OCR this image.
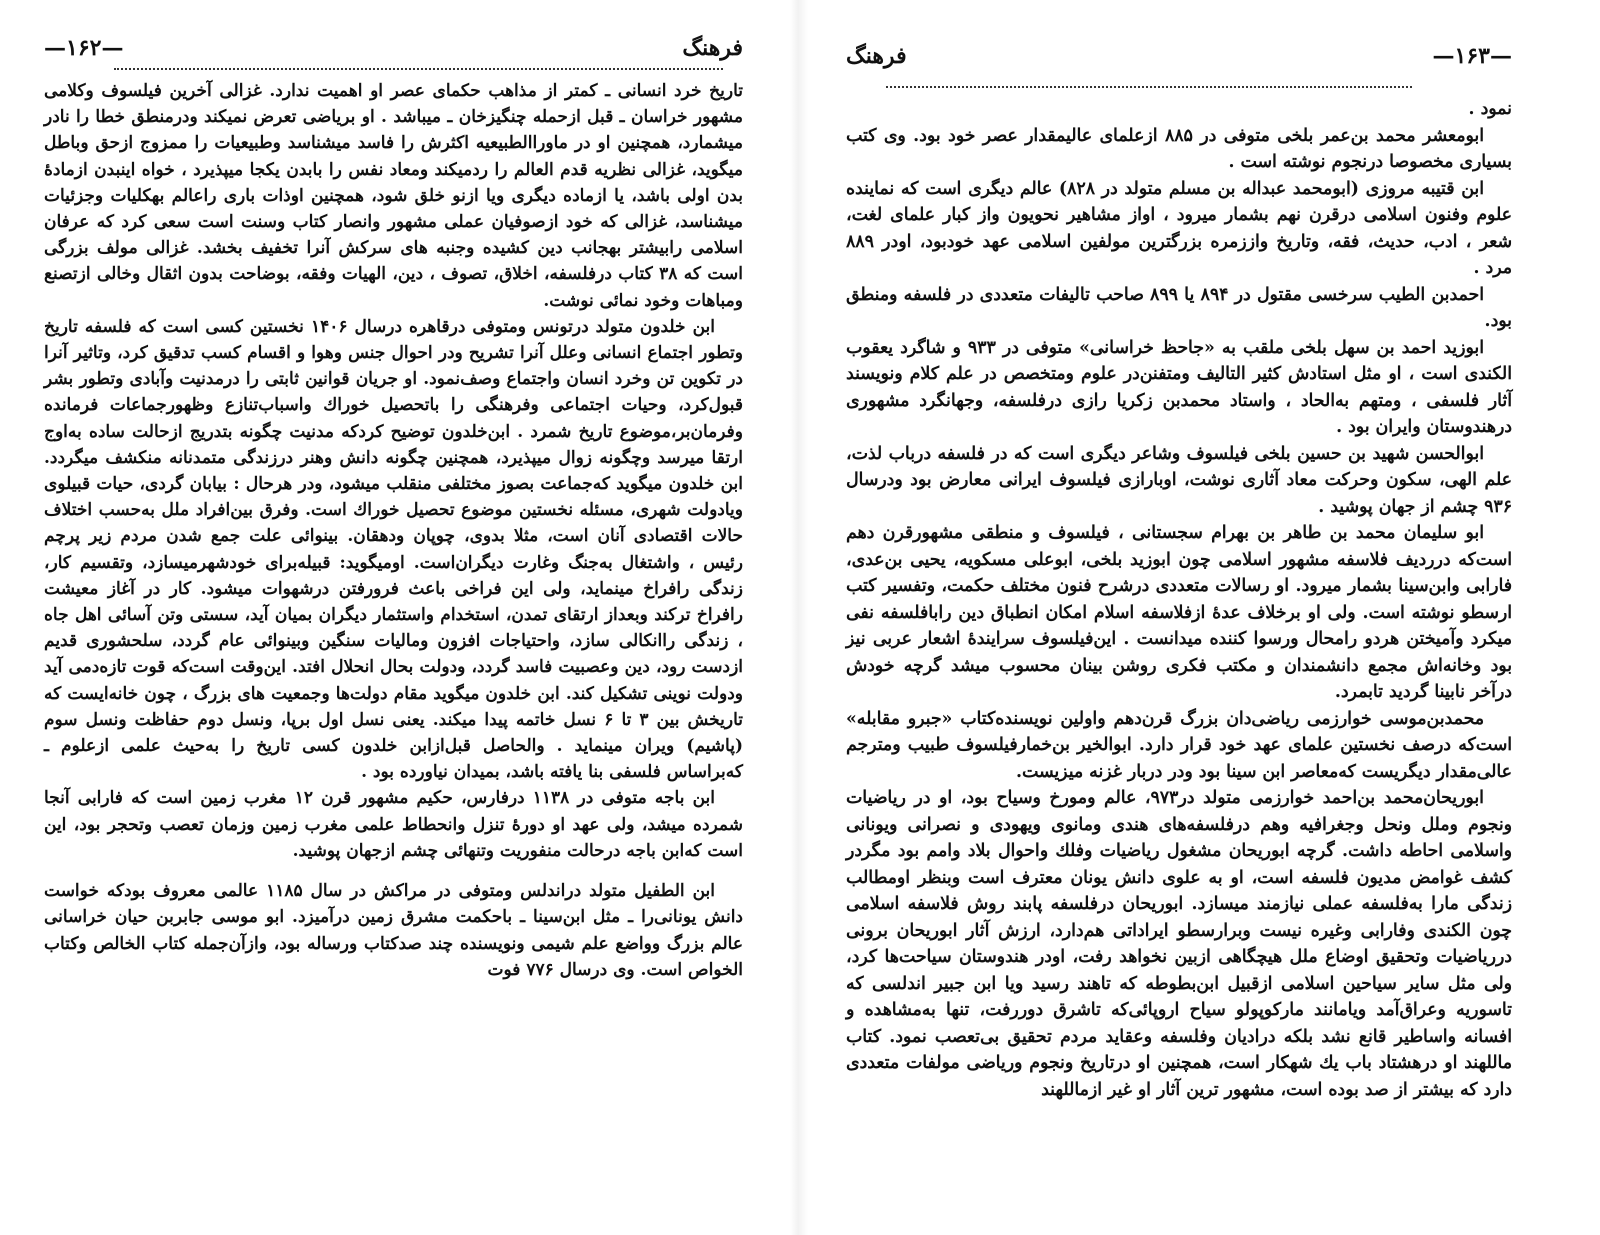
فرهنگ
—۱۶۲—

تاریخ خرد انسانی ـ کمتر از مذاهب حکمای عصر او اهمیت ندارد. غزالی آخرین فیلسوف وکلامی مشهور خراسان ـ قبل ازحمله چنگیزخان ـ میباشد . او بریاضی تعرض نمیکند ودرمنطق خطا را نادر میشمارد، همچنین او در ماوراالطبیعیه اکثرش را فاسد میشناسد وطبیعیات را ممزوج ازحق وباطل میگوید، غزالی نظریه قدم العالم را ردمیکند ومعاد نفس را بابدن یکجا میپذیرد ، خواه اینبدن ازمادهٔ بدن اولی باشد، یا ازماده دیگری ویا ازنو خلق شود، همچنین اوذات باری راعالم بهکلیات وجزئیات میشناسد، غزالی که خود ازصوفیان عملی مشهور وانصار کتاب وسنت است سعی کرد که عرفان اسلامی رابیشتر بهجانب دین کشیده وجنبه های سرکش آنرا تخفیف بخشد. غزالی مولف بزرگی است که ۳۸ کتاب درفلسفه، اخلاق، تصوف ، دین، الهیات وفقه، بوضاحت بدون اثقال وخالی ازتصنع ومباهات وخود نمائی نوشت.

ابن خلدون متولد درتونس ومتوفی درقاهره درسال ۱۴۰۶ نخستین کسی است که فلسفه تاریخ وتطور اجتماع انسانی وعلل آنرا تشریح ودر احوال جنس وهوا و اقسام کسب تدقیق کرد، وتاثیر آنرا در تکوین تن وخرد انسان واجتماع وصف‌نمود. او جریان قوانین ثابتی را درمدنیت وآبادی وتطور بشر قبول‌کرد، وحیات اجتماعی وفرهنگی را باتحصیل خوراك واسباب‌تنازع وظهورجماعات فرمانده وفرمان‌بر،موضوع تاریخ شمرد . ابن‌خلدون توضیح کردکه مدنیت چگونه بتدریج ازحالت ساده به‌اوج ارتقا میرسد وچگونه زوال میپذیرد، همچنین چگونه دانش وهنر درزندگی متمدنانه منکشف میگردد. ابن خلدون میگوید که‌جماعت بصوز مختلفی منقلب میشود، ودر هرحال : بیابان گردی، حیات قبیلوی ویادولت شهری، مسئله نخستین موضوع تحصیل خوراك است. وفرق بین‌افراد ملل به‌حسب اختلاف حالات اقتصادی آنان است، مثلا بدوی، چوپان ودهقان. بینوائی علت جمع شدن مردم زیر پرچم رئیس ، واشتغال به‌جنگ وغارت دیگران‌است. اومیگوید: قبیله‌برای خودشهرمیسازد، وتقسیم کار، زندگی رافراخ مینماید، ولی این فراخی باعث فرورفتن درشهوات میشود. کار در آغاز معیشت رافراخ ترکند وبعداز ارتقای تمدن، استخدام واستثمار دیگران بمیان آید، سستی وتن آسائی اهل جاه ، زندگی راانکالی سازد، واحتیاجات افزون وماليات سنگین وبینوائی عام گردد، سلحشوری قدیم ازدست رود، دین وعصبیت فاسد گردد، ودولت بحال انحلال افتد. این‌وقت است‌که قوت تازه‌دمی آید ودولت نوینی تشکیل کند. ابن خلدون میگوید مقام دولت‌ها وجمعیت های بزرگ ، چون خانه‌ایست که تاریخش بین ۳ تا ۶ نسل خاتمه پیدا میکند. یعنی نسل اول برپا، ونسل دوم حفاظت ونسل سوم (پاشیم) ویران مینماید . والحاصل قبل‌ازابن خلدون کسی تاریخ را به‌حیث علمی ازعلوم ـ که‌براساس فلسفی بنا یافته باشد، بمیدان نیاورده بود .

ابن باجه متوفی در ۱۱۳۸ درفارس، حکیم مشهور قرن ۱۲ مغرب زمین است که فارابی آنجا شمرده میشد، ولی عهد او دورهٔ تنزل وانحطاط علمی مغرب زمین وزمان تعصب وتحجر بود، این است که‌ابن باجه درحالت منفوریت وتنهائی چشم ازجهان پوشید.

ابن الطفیل متولد دراندلس ومتوفی در مراکش در سال ۱۱۸۵ عالمی معروف بودکه خواست دانش یونانی‌را ـ مثل ابن‌سینا ـ باحکمت مشرق زمین درآمیزد. ابو موسی جابربن حیان خراسانی عالم بزرگ وواضع علم شیمی ونویسنده چند صدکتاب ورساله بود، وازآن‌جمله کتاب الخالص وکتاب الخواص است. وی درسال ۷۷۶ فوت

—۱۶۳—
فرهنگ

نمود .

ابومعشر محمد بن‌عمر بلخی متوفی در ۸۸۵ ازعلمای عالیمقدار عصر خود بود. وی کتب بسیاری مخصوصا درنجوم نوشته است .

ابن قتیبه مروزی (ابومحمد عبداله بن مسلم متولد در ۸۲۸) عالم دیگری است که نماینده علوم وفنون اسلامی درقرن نهم بشمار میرود ، اواز مشاهیر نحویون واز کبار علمای لغت، شعر ، ادب، حدیث، فقه، وتاریخ واززمره بزرگترین مولفین اسلامی عهد خودبود، اودر ۸۸۹ مرد .

احمدبن الطیب سرخسی مقتول در ۸۹۴ یا ۸۹۹ صاحب تالیفات متعددی در فلسفه ومنطق بود.

ابوزید احمد بن سهل بلخی ملقب به «جاحظ خراسانی» متوفی در ۹۳۳ و شاگرد یعقوب الکندی است ، او مثل استادش کثیر التالیف ومتفنن‌در علوم ومتخصص در علم کلام ونویسند آثار فلسفی ، ومتهم به‌الحاد ، واستاد محمدبن زکریا رازی درفلسفه، وجهانگرد مشهوری درهندوستان وایران بود .

ابوالحسن شهید بن حسین بلخی فیلسوف وشاعر دیگری است که در فلسفه درباب لذت، علم الهی، سکون وحرکت معاد آثاری نوشت، اوبارازی فیلسوف ایرانی معارض بود ودرسال ۹۳۶ چشم از جهان پوشید .

ابو سلیمان محمد بن طاهر بن بهرام سجستانی ، فیلسوف و منطقی مشهورقرن دهم است‌که درردیف فلاسفه مشهور اسلامی چون ابوزید بلخی، ابوعلی مسکویه، یحیی بن‌عدی، فارابی وابن‌سینا بشمار میرود. او رسالات متعددی درشرح فنون مختلف حکمت، وتفسیر کتب ارسطو نوشته است. ولی او برخلاف عدهٔ ازفلاسفه اسلام امکان انطباق دین رابافلسفه نفی میکرد وآمیختن هردو رامحال ورسوا کننده میدانست . این‌فیلسوف سرایندهٔ اشعار عربی نیز بود وخانه‌اش مجمع دانشمندان و مکتب فکری روشن بینان محسوب میشد گرچه خودش درآخر نابینا گردید تابمرد.

محمدبن‌موسی خوارزمی ریاضی‌دان بزرگ قرن‌دهم واولین نویسنده‌کتاب «جبرو مقابله» است‌که درصف نخستین علمای عهد خود قرار دارد. ابوالخیر بن‌خمارفیلسوف طبیب ومترجم عالی‌مقدار دیگریست که‌معاصر ابن سینا بود ودر دربار غزنه میزیست.

ابوریحان‌محمد بن‌احمد خوارزمی متولد در۹۷۳، عالم ومورخ وسیاح بود، او در ریاضیات ونجوم وملل ونحل وجغرافیه وهم درفلسفه‌های هندی ومانوی ویهودی و نصرانی ویونانی واسلامی احاطه داشت. گرچه ابوریحان مشغول ریاضیات وفلك واحوال بلاد وامم بود مگردر کشف غوامض مدیون فلسفه است، او به علوی دانش یونان معترف است وبنظر اومطالب زندگی مارا به‌فلسفه عملی نیازمند میسازد. ابوریحان درفلسفه پابند روش فلاسفه اسلامی چون الکندی وفارابی وغیره نیست وبرارسطو ایراداتی هم‌دارد، ارزش آثار ابوریحان برونی درریاضیات وتحقیق اوضاع ملل هیچگاهی ازبین نخواهد رفت، اودر هندوستان سیاحت‌ها کرد، ولی مثل سایر سیاحین اسلامی ازقبیل ابن‌بطوطه که تاهند رسید ویا ابن جبیر اندلسی که تاسوریه وعراق‌آمد ویامانند مارکوپولو سیاح اروپائی‌که تاشرق دوررفت، تنها به‌مشاهده و افسانه واساطیر قانع نشد بلکه درادیان وفلسفه وعقاید مردم تحقیق بی‌تعصب نمود. کتاب ماللهند او درهشتاد باب یك شهکار است، همچنین او درتاریخ ونجوم وریاضی مولفات متعددی دارد که بیشتر از صد بوده است، مشهور ترین آثار او غیر ازماللهند
